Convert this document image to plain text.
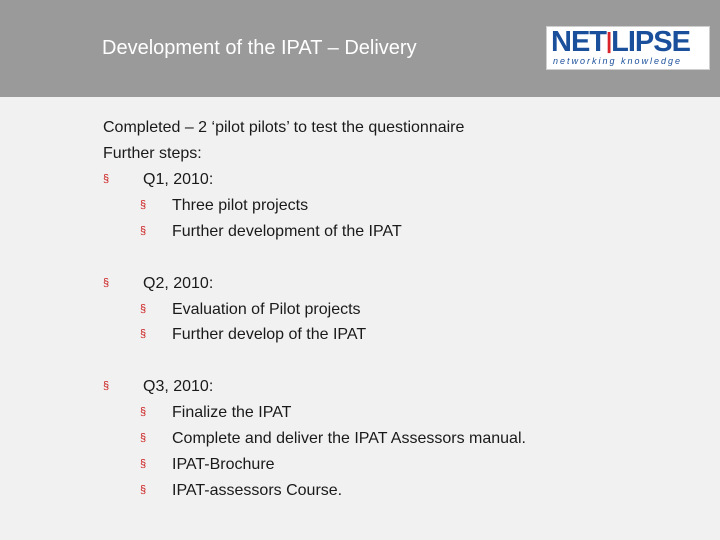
Development of the IPAT – Delivery	NET|LIPSE
networking knowledge
Completed – 2 ‘pilot pilots’ to test the questionnaire
Further steps:
§ Q1, 2010:
§ Three pilot projects
§ Further development of the IPAT
§ Q2, 2010:
§ Evaluation of Pilot projects
§ Further develop of the IPAT
§ Q3, 2010:
§ Finalize the IPAT
§ Complete and deliver the IPAT Assessors manual.
§ IPAT-Brochure
§ IPAT-assessors Course.
